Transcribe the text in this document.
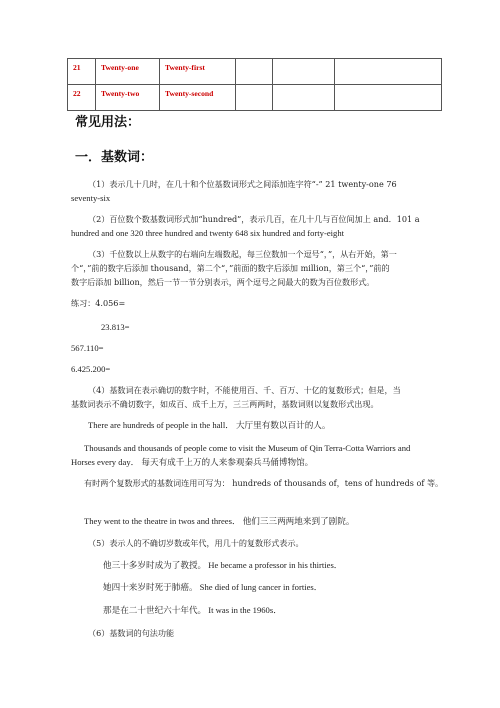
21	Twenty-one	Twenty-first			
22	Twenty-two	Twenty-second			
常见用法：
一．基数词：
（1）表示几十几时，在几十和个位基数词形式之间添加连字符“-” 21 twenty-one 76
seventy-six
（2）百位数个数基数词形式加“hundred”，表示几百，在几十几与百位间加上 and．101 a
hundred and one 320 three hundred and twenty 648 six hundred and forty-eight
（3）千位数以上从数字的右端向左端数起，每三位数加一个逗号“，”，从右开始，第一
个“，”前的数字后添加 thousand，第二个“，”前面的数字后添加 million，第三个“，”前的
数字后添加 billion，然后一节一节分别表示，两个逗号之间最大的数为百位数形式。
练习：4.056=
23.813=
567.110=
6.425.200=
（4）基数词在表示确切的数字时，不能使用百、千、百万、十亿的复数形式；但是，当
基数词表示不确切数字，如成百、成千上万，三三两两时，基数词则以复数形式出现。
There are hundreds of people in the hall． 大厅里有数以百计的人。
Thousands and thousands of people come to visit the Museum of Qin Terra-Cotta Warriors and
Horses every day． 每天有成千上万的人来参观秦兵马俑博物馆。
有时两个复数形式的基数词连用可写为： hundreds of thousands of，tens of hundreds of 等。
They went to the theatre in twos and threes． 他们三三两两地来到了剧院。
（5）表示人的不确切岁数或年代，用几十的复数形式表示。
他三十多岁时成为了教授。 He became a professor in his thirties．
她四十来岁时死于肺癌。 She died of lung cancer in forties．
那是在二十世纪六十年代。 It was in the 1960s．
（6）基数词的句法功能
